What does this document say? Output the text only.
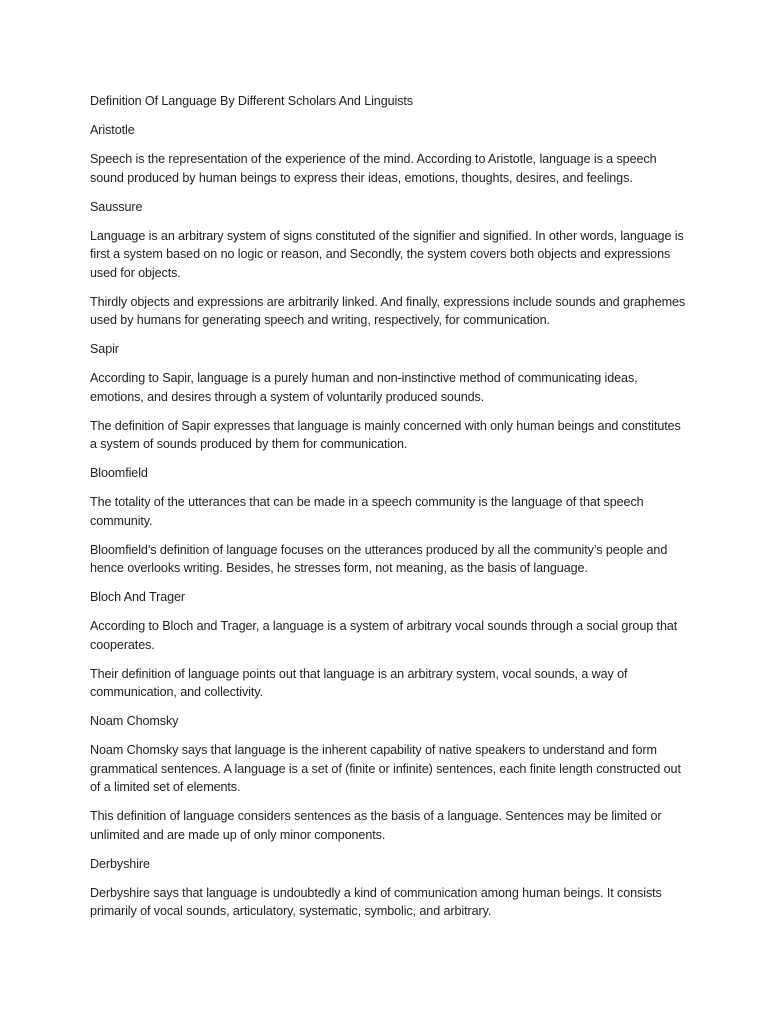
Definition Of Language By Different Scholars And Linguists

Aristotle

Speech is the representation of the experience of the mind. According to Aristotle, language is a speech sound produced by human beings to express their ideas, emotions, thoughts, desires, and feelings.

Saussure

Language is an arbitrary system of signs constituted of the signifier and signified. In other words, language is first a system based on no logic or reason, and Secondly, the system covers both objects and expressions used for objects.

Thirdly objects and expressions are arbitrarily linked. And finally, expressions include sounds and graphemes used by humans for generating speech and writing, respectively, for communication.

Sapir

According to Sapir, language is a purely human and non-instinctive method of communicating ideas, emotions, and desires through a system of voluntarily produced sounds.

The definition of Sapir expresses that language is mainly concerned with only human beings and constitutes a system of sounds produced by them for communication.

Bloomfield

The totality of the utterances that can be made in a speech community is the language of that speech community.

Bloomfield’s definition of language focuses on the utterances produced by all the community’s people and hence overlooks writing. Besides, he stresses form, not meaning, as the basis of language.

Bloch And Trager

According to Bloch and Trager, a language is a system of arbitrary vocal sounds through a social group that cooperates.

Their definition of language points out that language is an arbitrary system, vocal sounds, a way of communication, and collectivity.

Noam Chomsky

Noam Chomsky says that language is the inherent capability of native speakers to understand and form grammatical sentences. A language is a set of (finite or infinite) sentences, each finite length constructed out of a limited set of elements.

This definition of language considers sentences as the basis of a language. Sentences may be limited or unlimited and are made up of only minor components.

Derbyshire

Derbyshire says that language is undoubtedly a kind of communication among human beings. It consists primarily of vocal sounds, articulatory, systematic, symbolic, and arbitrary.
